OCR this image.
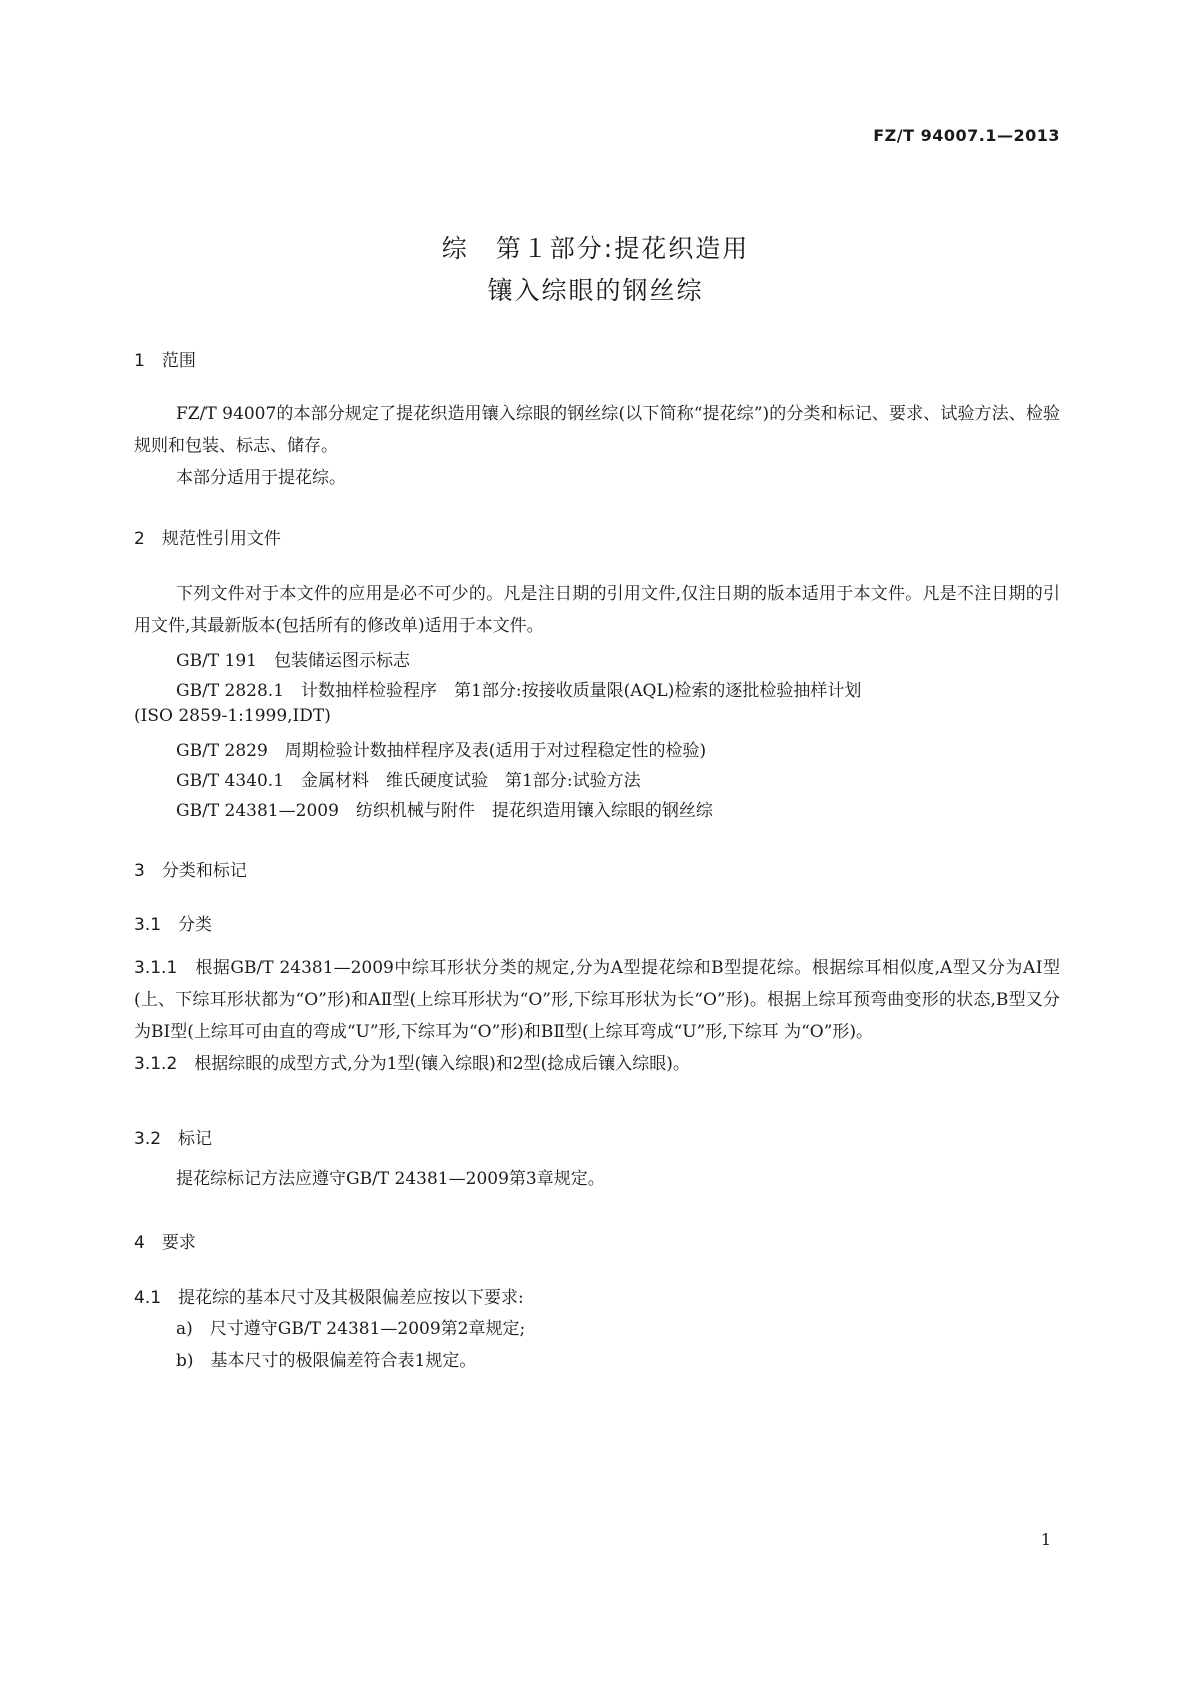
FZ/T 94007.1—2013
综　第１部分:提花织造用
镶入综眼的钢丝综
1　范围

FZ/T 94007的本部分规定了提花织造用镶入综眼的钢丝综(以下简称“提花综”)的分类和标记、要求、试验方法、检验规则和包装、标志、储存。

本部分适用于提花综。

2　规范性引用文件

下列文件对于本文件的应用是必不可少的。凡是注日期的引用文件,仅注日期的版本适用于本文件。凡是不注日期的引用文件,其最新版本(包括所有的修改单)适用于本文件。

GB/T 191　包装储运图示标志
GB/T 2828.1　计数抽样检验程序　第1部分:按接收质量限(AQL)检索的逐批检验抽样计划
(ISO 2859-1:1999,IDT)
GB/T 2829　周期检验计数抽样程序及表(适用于对过程稳定性的检验)
GB/T 4340.1　金属材料　维氏硬度试验　第1部分:试验方法
GB/T 24381—2009　纺织机械与附件　提花织造用镶入综眼的钢丝综
3　分类和标记
3.1　分类

3.1.1　 根据GB/T 24381—2009中综耳形状分类的规定,分为A型提花综和B型提花综。根据综耳相似度,A型又分为AⅠ型(上、下综耳形状都为“O”形)和AⅡ型(上综耳形状为“O”形,下综耳形状为长“O”形)。根据上综耳预弯曲变形的状态,B型又分为BⅠ型(上综耳可由直的弯成“U”形,下综耳为“O”形)和BⅡ型(上综耳弯成“U”形,下综耳 为“O”形)。

3.1.2　 根据综眼的成型方式,分为1型(镶入综眼)和2型(捻成后镶入综眼)。

3.2　标记
提花综标记方法应遵守GB/T 24381—2009第3章规定。
4　要求

4.1　 提花综的基本尺寸及其极限偏差应按以下要求:

a)　尺寸遵守GB/T 24381—2009第2章规定;
b)　基本尺寸的极限偏差符合表1规定。
1
